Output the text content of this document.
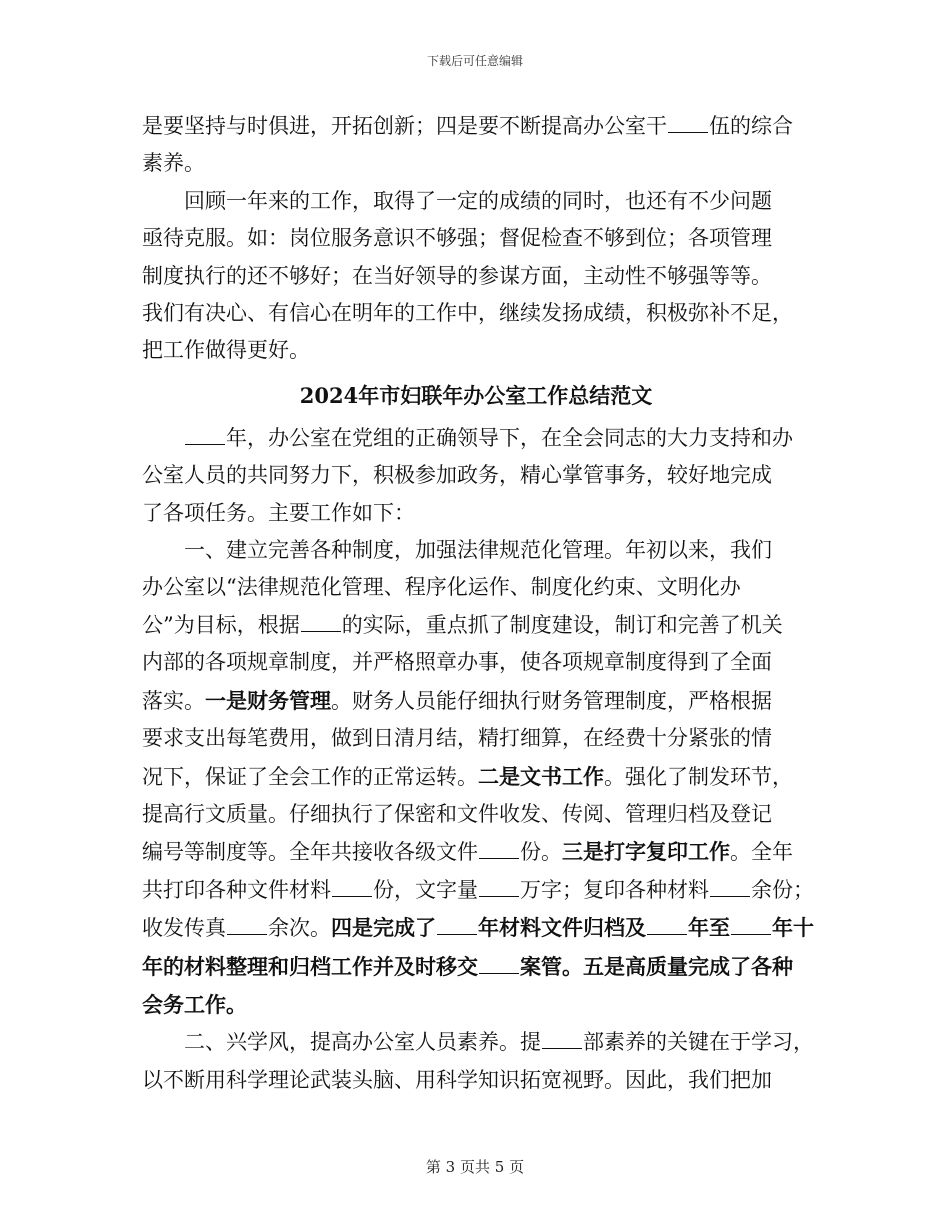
下载后可任意编辑
是要坚持与时俱进，开拓创新；四是要不断提高办公室干 伍的综合
素养。
回顾一年来的工作，取得了一定的成绩的同时，也还有不少问题
亟待克服。如：岗位服务意识不够强；督促检查不够到位；各项管理
制度执行的还不够好；在当好领导的参谋方面，主动性不够强等等。
我们有决心、有信心在明年的工作中，继续发扬成绩，积极弥补不足，
把工作做得更好。
2024年市妇联年办公室工作总结范文
年，办公室在党组的正确领导下，在全会同志的大力支持和办
公室人员的共同努力下，积极参加政务，精心掌管事务，较好地完成
了各项任务。主要工作如下：
一、建立完善各种制度，加强法律规范化管理。年初以来，我们
办公室以“法律规范化管理、程序化运作、制度化约束、文明化办
公”为目标，根据 的实际，重点抓了制度建设，制订和完善了机关
内部的各项规章制度，并严格照章办事，使各项规章制度得到了全面
落实。一是财务管理。财务人员能仔细执行财务管理制度，严格根据
要求支出每笔费用，做到日清月结，精打细算，在经费十分紧张的情
况下，保证了全会工作的正常运转。二是文书工作。强化了制发环节，
提高行文质量。仔细执行了保密和文件收发、传阅、管理归档及登记
编号等制度等。全年共接收各级文件 份。三是打字复印工作。全年
共打印各种文件材料 份，文字量 万字；复印各种材料 余份；
收发传真 余次。四是完成了 年材料文件归档及 年至 年十
年的材料整理和归档工作并及时移交 案管。五是高质量完成了各种
会务工作。
二、兴学风，提高办公室人员素养。提 部素养的关键在于学习，
以不断用科学理论武装头脑、用科学知识拓宽视野。因此，我们把加
第 3 页共 5 页
